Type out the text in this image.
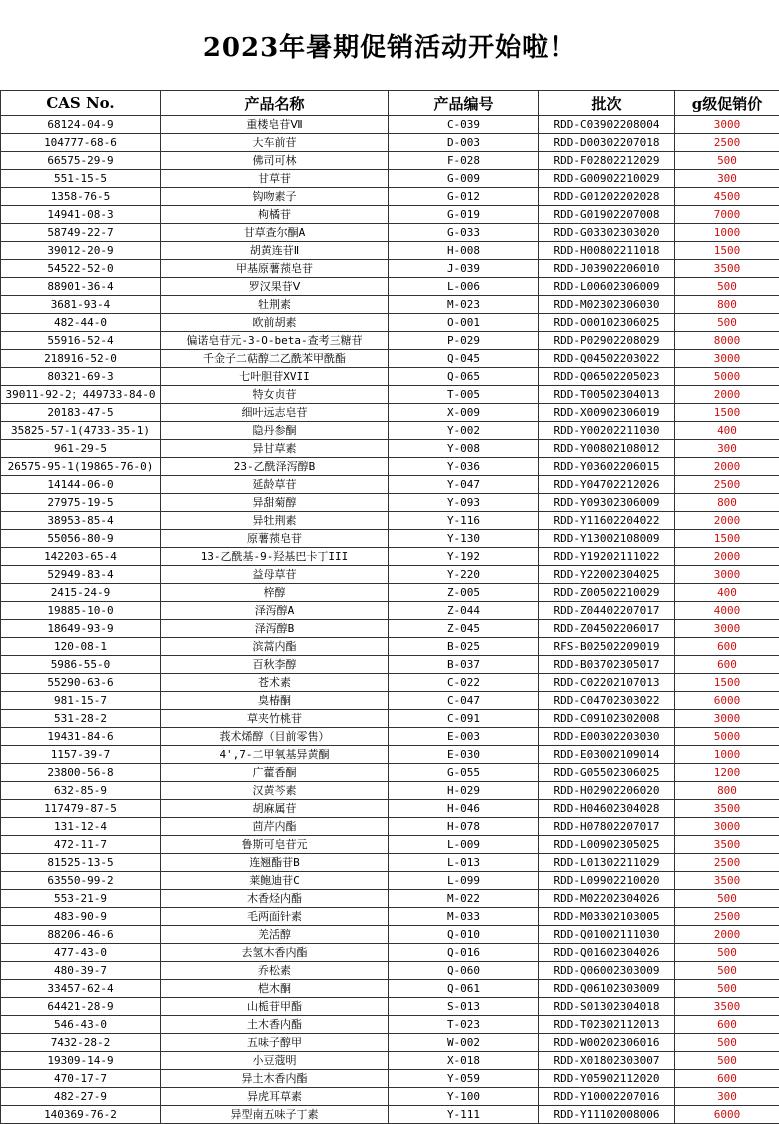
2023年暑期促销活动开始啦！
CAS No.	产品名称	产品编号	批次	g级促销价
68124-04-9	重楼皂苷Ⅶ	C-039	RDD-C03902208004	3000
104777-68-6	大车前苷	D-003	RDD-D00302207018	2500
66575-29-9	佛司可林	F-028	RDD-F02802212029	500
551-15-5	甘草苷	G-009	RDD-G00902210029	300
1358-76-5	钩吻素子	G-012	RDD-G01202202028	4500
14941-08-3	枸橘苷	G-019	RDD-G01902207008	7000
58749-22-7	甘草查尔酮A	G-033	RDD-G03302303020	1000
39012-20-9	胡黄连苷Ⅱ	H-008	RDD-H00802211018	1500
54522-52-0	甲基原薯蓣皂苷	J-039	RDD-J03902206010	3500
88901-36-4	罗汉果苷Ⅴ	L-006	RDD-L00602306009	500
3681-93-4	牡荆素	M-023	RDD-M02302306030	800
482-44-0	欧前胡素	O-001	RDD-O00102306025	500
55916-52-4	偏诺皂苷元-3-O-beta-查考三糖苷	P-029	RDD-P02902208029	8000
218916-52-0	千金子二萜醇二乙酰苯甲酰酯	Q-045	RDD-Q04502203022	3000
80321-69-3	七叶胆苷XVII	Q-065	RDD-Q06502205023	5000
39011-92-2；449733-84-0	特女贞苷	T-005	RDD-T00502304013	2000
20183-47-5	细叶远志皂苷	X-009	RDD-X00902306019	1500
35825-57-1(4733-35-1)	隐丹参酮	Y-002	RDD-Y00202211030	400
961-29-5	异甘草素	Y-008	RDD-Y00802108012	300
26575-95-1(19865-76-0)	23-乙酰泽泻醇B	Y-036	RDD-Y03602206015	2000
14144-06-0	延龄草苷	Y-047	RDD-Y04702212026	2500
27975-19-5	异甜菊醇	Y-093	RDD-Y09302306009	800
38953-85-4	异牡荆素	Y-116	RDD-Y11602204022	2000
55056-80-9	原薯蓣皂苷	Y-130	RDD-Y13002108009	1500
142203-65-4	13-乙酰基-9-羟基巴卡丁III	Y-192	RDD-Y19202111022	2000
52949-83-4	益母草苷	Y-220	RDD-Y22002304025	3000
2415-24-9	梓醇	Z-005	RDD-Z00502210029	400
19885-10-0	泽泻醇A	Z-044	RDD-Z04402207017	4000
18649-93-9	泽泻醇B	Z-045	RDD-Z04502206017	3000
120-08-1	滨蒿内酯	B-025	RFS-B02502209019	600
5986-55-0	百秋李醇	B-037	RDD-B03702305017	600
55290-63-6	苍术素	C-022	RDD-C02202107013	1500
981-15-7	臭椿酮	C-047	RDD-C04702303022	6000
531-28-2	草夹竹桃苷	C-091	RDD-C09102302008	3000
19431-84-6	莪术烯醇（目前零售）	E-003	RDD-E00302203030	5000
1157-39-7	4',7-二甲氧基异黄酮	E-030	RDD-E03002109014	1000
23800-56-8	广藿香酮	G-055	RDD-G05502306025	1200
632-85-9	汉黄芩素	H-029	RDD-H02902206020	800
117479-87-5	胡麻属苷	H-046	RDD-H04602304028	3500
131-12-4	茴芹内酯	H-078	RDD-H07802207017	3000
472-11-7	鲁斯可皂苷元	L-009	RDD-L00902305025	3500
81525-13-5	连翘酯苷B	L-013	RDD-L01302211029	2500
63550-99-2	莱鲍迪苷C	L-099	RDD-L09902210020	3500
553-21-9	木香烃内酯	M-022	RDD-M02202304026	500
483-90-9	毛两面针素	M-033	RDD-M03302103005	2500
88206-46-6	羌活醇	Q-010	RDD-Q01002111030	2000
477-43-0	去氢木香内酯	Q-016	RDD-Q01602304026	500
480-39-7	乔松素	Q-060	RDD-Q06002303009	500
33457-62-4	桤木酮	Q-061	RDD-Q06102303009	500
64421-28-9	山栀苷甲酯	S-013	RDD-S01302304018	3500
546-43-0	土木香内酯	T-023	RDD-T02302112013	600
7432-28-2	五味子醇甲	W-002	RDD-W00202306016	500
19309-14-9	小豆蔻明	X-018	RDD-X01802303007	500
470-17-7	异土木香内酯	Y-059	RDD-Y05902112020	600
482-27-9	异虎耳草素	Y-100	RDD-Y10002207016	300
140369-76-2	异型南五味子丁素	Y-111	RDD-Y11102008006	6000
